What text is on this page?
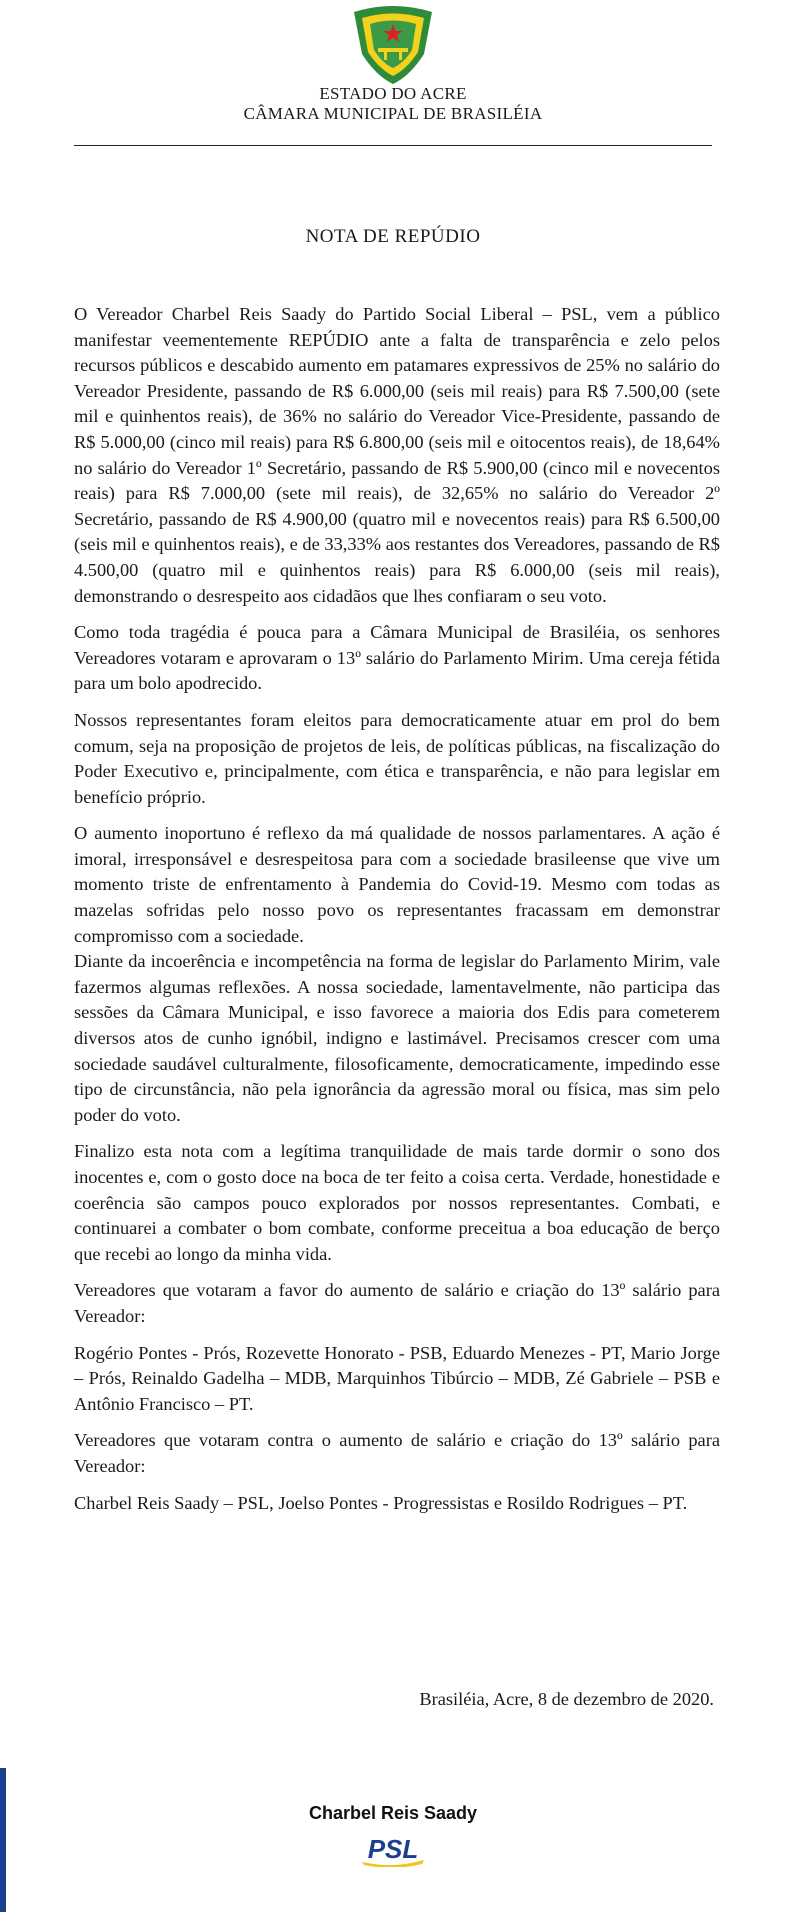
ESTADO DO ACRE
CÂMARA MUNICIPAL DE BRASILÉIA
NOTA DE REPÚDIO

O Vereador Charbel Reis Saady do Partido Social Liberal – PSL, vem a público manifestar veementemente REPÚDIO ante a falta de transparência e zelo pelos recursos públicos e descabido aumento em patamares expressivos de 25% no salário do Vereador Presidente, passando de R$ 6.000,00 (seis mil reais) para R$ 7.500,00 (sete mil e quinhentos reais), de 36% no salário do Vereador Vice-Presidente, passando de R$ 5.000,00 (cinco mil reais) para R$ 6.800,00 (seis mil e oitocentos reais), de 18,64% no salário do Vereador 1º Secretário, passando de R$ 5.900,00 (cinco mil e novecentos reais) para R$ 7.000,00 (sete mil reais), de 32,65% no salário do Vereador 2º Secretário, passando de R$ 4.900,00 (quatro mil e novecentos reais) para R$ 6.500,00 (seis mil e quinhentos reais), e de 33,33% aos restantes dos Vereadores, passando de R$ 4.500,00 (quatro mil e quinhentos reais) para R$ 6.000,00 (seis mil reais), demonstrando o desrespeito aos cidadãos que lhes confiaram o seu voto.

Como toda tragédia é pouca para a Câmara Municipal de Brasiléia, os senhores Vereadores votaram e aprovaram o 13º salário do Parlamento Mirim. Uma cereja fétida para um bolo apodrecido.

Nossos representantes foram eleitos para democraticamente atuar em prol do bem comum, seja na proposição de projetos de leis, de políticas públicas, na fiscalização do Poder Executivo e, principalmente, com ética e transparência, e não para legislar em benefício próprio.

O aumento inoportuno é reflexo da má qualidade de nossos parlamentares. A ação é imoral, irresponsável e desrespeitosa para com a sociedade brasileense que vive um momento triste de enfrentamento à Pandemia do Covid-19. Mesmo com todas as mazelas sofridas pelo nosso povo os representantes fracassam em demonstrar compromisso com a sociedade.

Diante da incoerência e incompetência na forma de legislar do Parlamento Mirim, vale fazermos algumas reflexões. A nossa sociedade, lamentavelmente, não participa das sessões da Câmara Municipal, e isso favorece a maioria dos Edis para cometerem diversos atos de cunho ignóbil, indigno e lastimável. Precisamos crescer com uma sociedade saudável culturalmente, filosoficamente, democraticamente, impedindo esse tipo de circunstância, não pela ignorância da agressão moral ou física, mas sim pelo poder do voto.

Finalizo esta nota com a legítima tranquilidade de mais tarde dormir o sono dos inocentes e, com o gosto doce na boca de ter feito a coisa certa. Verdade, honestidade e coerência são campos pouco explorados por nossos representantes. Combati, e continuarei a combater o bom combate, conforme preceitua a boa educação de berço que recebi ao longo da minha vida.

Vereadores que votaram a favor do aumento de salário e criação do 13º salário para Vereador:

Rogério Pontes - Prós, Rozevette Honorato - PSB, Eduardo Menezes - PT, Mario Jorge – Prós, Reinaldo Gadelha – MDB, Marquinhos Tibúrcio – MDB, Zé Gabriele – PSB e Antônio Francisco – PT.

Vereadores que votaram contra o aumento de salário e criação do 13º salário para Vereador:

Charbel Reis Saady – PSL, Joelso Pontes - Progressistas e Rosildo Rodrigues – PT.

Brasiléia, Acre, 8 de dezembro de 2020.
Charbel Reis Saady
PSL
